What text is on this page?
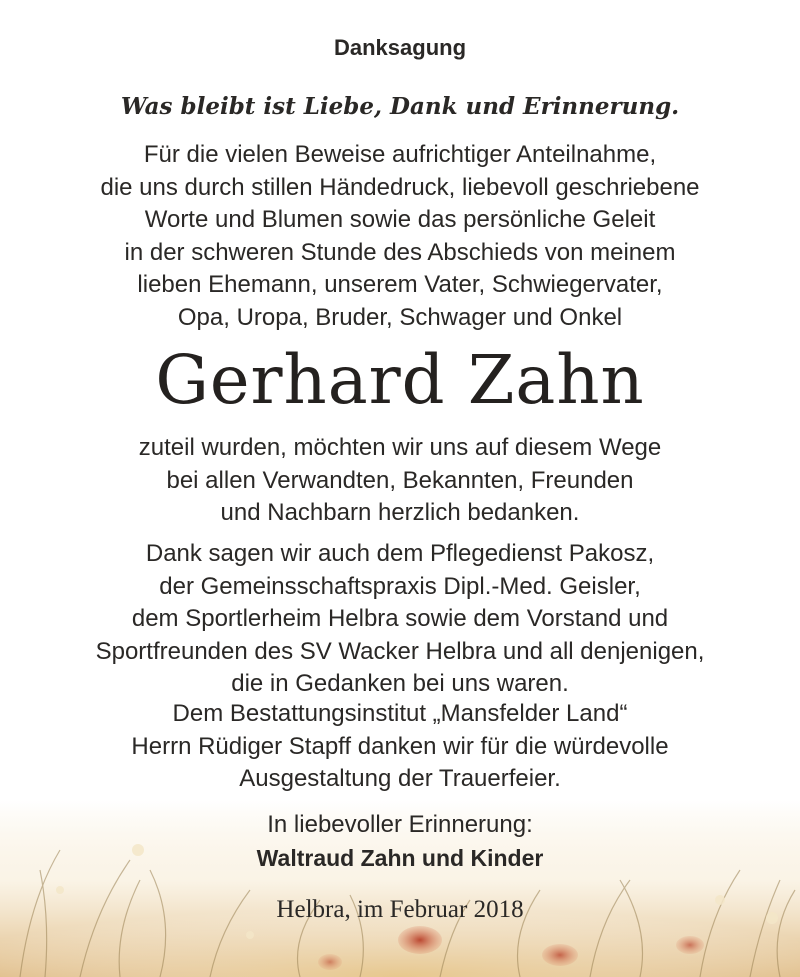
Danksagung
Was bleibt ist Liebe, Dank und Erinnerung.
Für die vielen Beweise aufrichtiger Anteilnahme,
die uns durch stillen Händedruck, liebevoll geschriebene
Worte und Blumen sowie das persönliche Geleit
in der schweren Stunde des Abschieds von meinem
lieben Ehemann, unserem Vater, Schwiegervater,
Opa, Uropa, Bruder, Schwager und Onkel
Gerhard Zahn
zuteil wurden, möchten wir uns auf diesem Wege
bei allen Verwandten, Bekannten, Freunden
und Nachbarn herzlich bedanken.
Dank sagen wir auch dem Pflegedienst Pakosz,
der Gemeinsschaftspraxis Dipl.-Med. Geisler,
dem Sportlerheim Helbra sowie dem Vorstand und
Sportfreunden des SV Wacker Helbra und all denjenigen,
die in Gedanken bei uns waren.
Dem Bestattungsinstitut „Mansfelder Land“
Herrn Rüdiger Stapff danken wir für die würdevolle
Ausgestaltung der Trauerfeier.
In liebevoller Erinnerung:
Waltraud Zahn und Kinder
Helbra, im Februar 2018
